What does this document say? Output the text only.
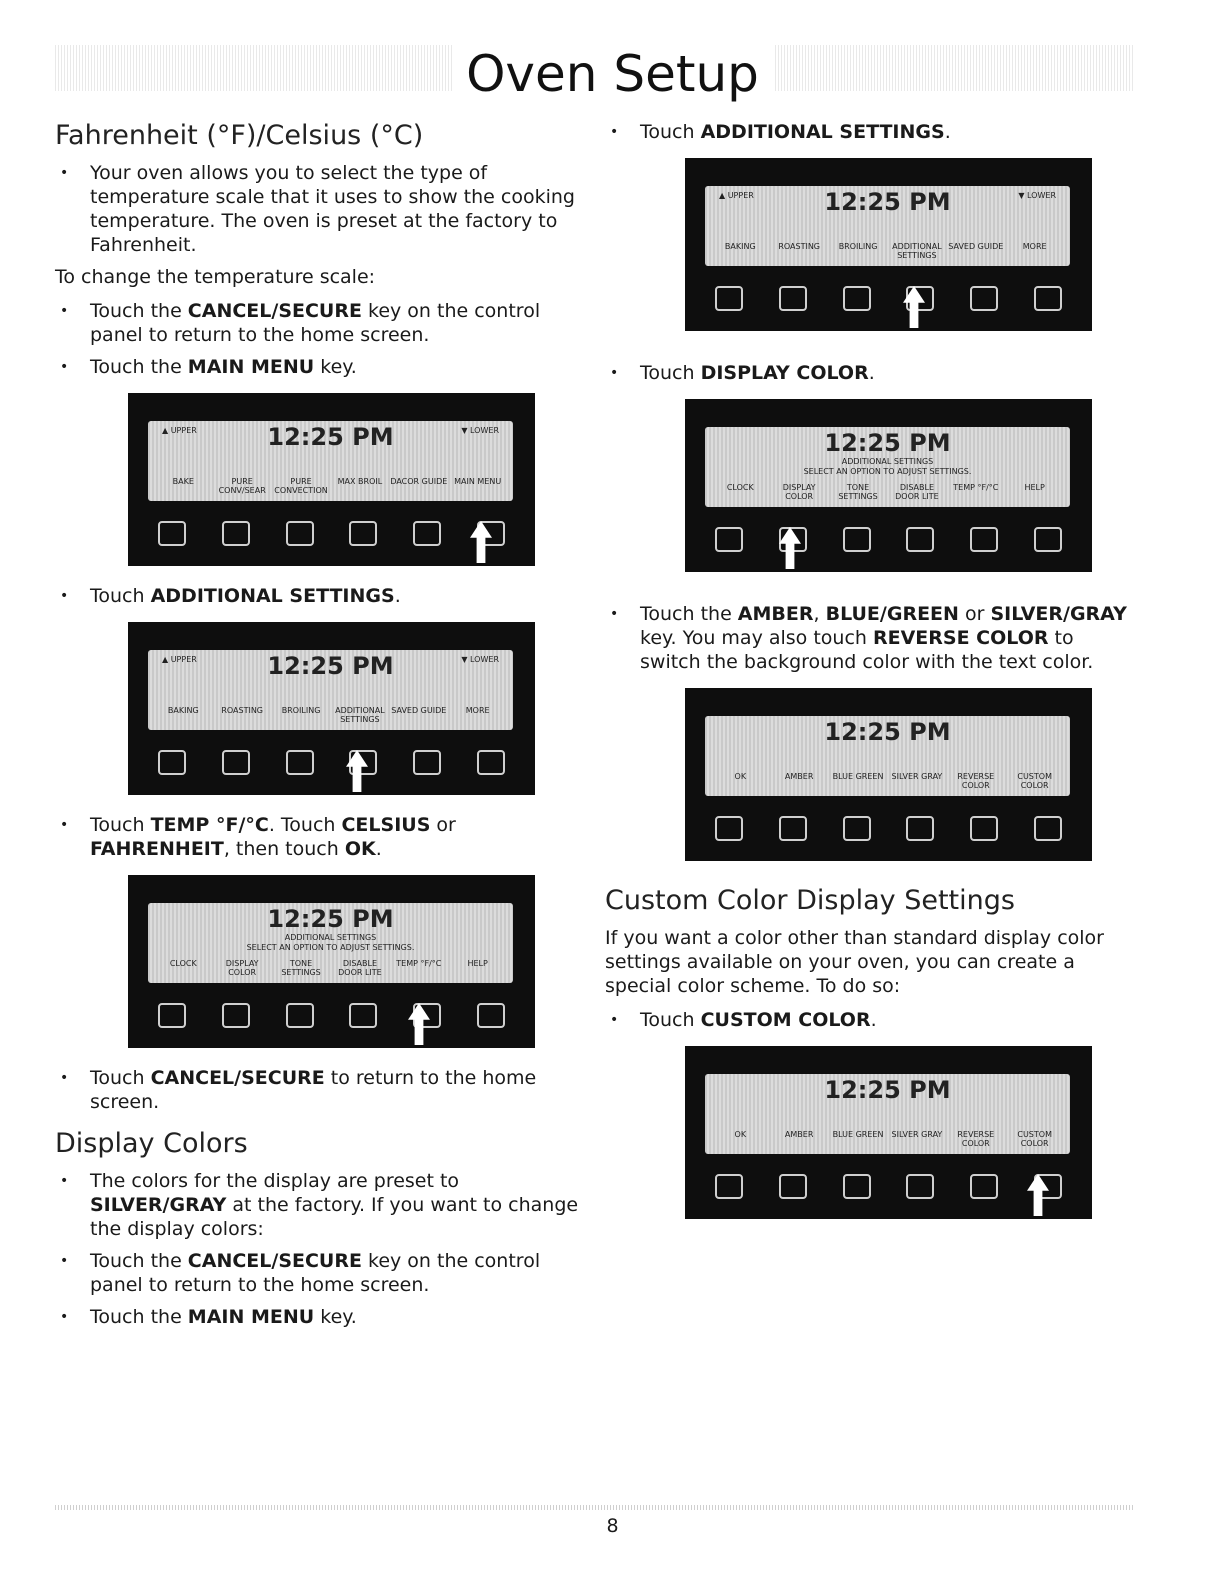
Oven Setup
Fahrenheit (°F)/Celsius (°C)
• Your oven allows you to select the type of temperature scale that it uses to show the cooking temperature. The oven is preset at the factory to Fahrenheit.
To change the temperature scale:
• Touch the CANCEL/SECURE key on the control panel to return to the home screen.
• Touch the MAIN MENU key.
▲ UPPER	12:25 PM	▼ LOWER
BAKE	PURE CONV/SEAR
PURE CONVECTION
MAX BROIL	DACOR GUIDE MAIN MENU
• Touch ADDITIONAL SETTINGS.
▲ UPPER	12:25 PM	▼ LOWER
BAKING	ROASTING	BROILING	ADDITIONAL SETTINGS
SAVED GUIDE	MORE
• Touch TEMP °F/°C. Touch CELSIUS or FAHRENHEIT, then touch OK.
12:25 PM
ADDITIONAL SETTINGS
SELECT AN OPTION TO ADJUST SETTINGS.
CLOCK	DISPLAY COLOR
TONE SETTINGS
DISABLE DOOR LITE
TEMP °F/°C	HELP
• Touch CANCEL/SECURE to return to the home screen.
Display Colors
• The colors for the display are preset to SILVER/GRAY at the factory. If you want to change the display colors:
• Touch the CANCEL/SECURE key on the control panel to return to the home screen.
• Touch the MAIN MENU key.
• Touch ADDITIONAL SETTINGS.
▲ UPPER	12:25 PM	▼ LOWER
BAKING	ROASTING	BROILING	ADDITIONAL SETTINGS
SAVED GUIDE	MORE
• Touch DISPLAY COLOR.
12:25 PM
ADDITIONAL SETTINGS
SELECT AN OPTION TO ADJUST SETTINGS.
CLOCK	DISPLAY COLOR
TONE SETTINGS
DISABLE DOOR LITE
TEMP °F/°C	HELP
• Touch the AMBER, BLUE/GREEN or SILVER/GRAY key. You may also touch REVERSE COLOR to switch the background color with the text color.
12:25 PM
OK	AMBER	BLUE GREEN	SILVER GRAY	REVERSE COLOR
CUSTOM COLOR
Custom Color Display Settings
If you want a color other than standard display color settings available on your oven, you can create a special color scheme. To do so:
• Touch CUSTOM COLOR.
12:25 PM
OK	AMBER	BLUE GREEN	SILVER GRAY	REVERSE COLOR
CUSTOM COLOR
8
